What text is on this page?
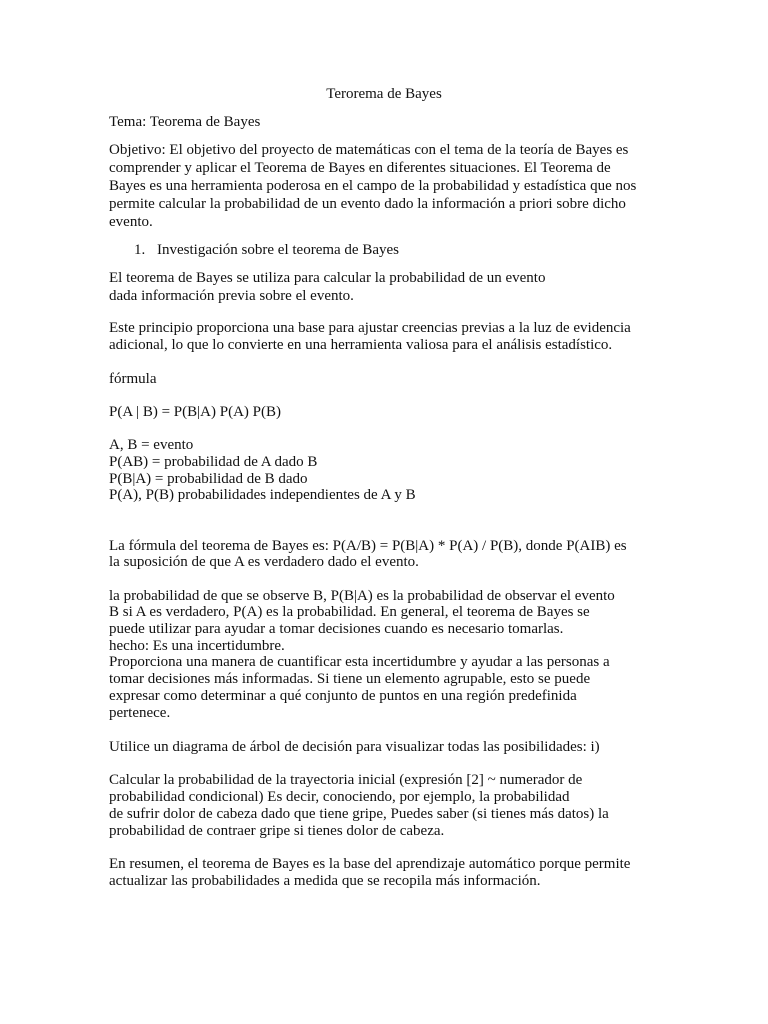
Terorema de Bayes
Tema: Teorema de Bayes
Objetivo: El objetivo del proyecto de matemáticas con el tema de la teoría de Bayes es
comprender y aplicar el Teorema de Bayes en diferentes situaciones. El Teorema de
Bayes es una herramienta poderosa en el campo de la probabilidad y estadística que nos
permite calcular la probabilidad de un evento dado la información a priori sobre dicho
evento.
1. Investigación sobre el teorema de Bayes
El teorema de Bayes se utiliza para calcular la probabilidad de un evento
dada información previa sobre el evento.
Este principio proporciona una base para ajustar creencias previas a la luz de evidencia
adicional, lo que lo convierte en una herramienta valiosa para el análisis estadístico.
fórmula
P(A | B) = P(B|A) P(A) P(B)
A, B = evento
P(AB) = probabilidad de A dado B
P(B|A) = probabilidad de B dado
P(A), P(B) probabilidades independientes de A y B
La fórmula del teorema de Bayes es: P(A/B) = P(B|A) * P(A) / P(B), donde P(AIB) es
la suposición de que A es verdadero dado el evento.
la probabilidad de que se observe B, P(B|A) es la probabilidad de observar el evento
B si A es verdadero, P(A) es la probabilidad. En general, el teorema de Bayes se
puede utilizar para ayudar a tomar decisiones cuando es necesario tomarlas.
hecho: Es una incertidumbre.
Proporciona una manera de cuantificar esta incertidumbre y ayudar a las personas a
tomar decisiones más informadas. Si tiene un elemento agrupable, esto se puede
expresar como determinar a qué conjunto de puntos en una región predefinida
pertenece.
Utilice un diagrama de árbol de decisión para visualizar todas las posibilidades: i)
Calcular la probabilidad de la trayectoria inicial (expresión [2] ~ numerador de
probabilidad condicional) Es decir, conociendo, por ejemplo, la probabilidad
de sufrir dolor de cabeza dado que tiene gripe, Puedes saber (si tienes más datos) la
probabilidad de contraer gripe si tienes dolor de cabeza.
En resumen, el teorema de Bayes es la base del aprendizaje automático porque permite
actualizar las probabilidades a medida que se recopila más información.
